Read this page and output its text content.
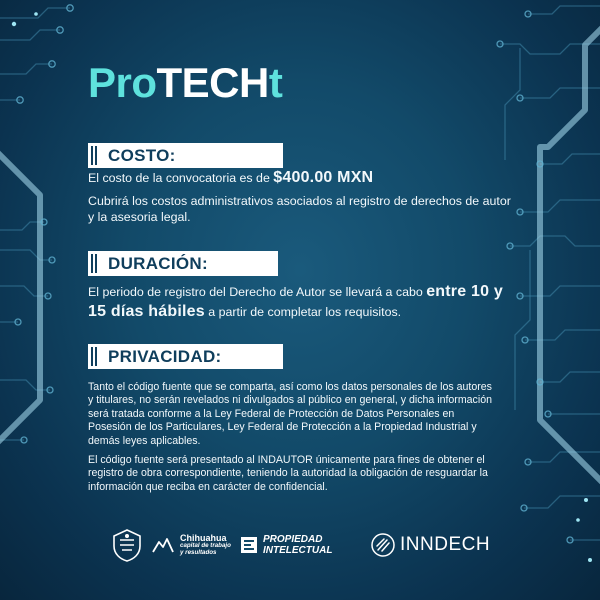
ProTECHt
COSTO:
El costo de la convocatoria es de $400.00 MXN
Cubrirá los costos administrativos asociados al registro de derechos de autor y la asesoria legal.
DURACIÓN:
El periodo de registro del Derecho de Autor se llevará a cabo entre 10 y 15 días hábiles a partir de completar los requisitos.
PRIVACIDAD:
Tanto el código fuente que se comparta, así como los datos personales de los autores y titulares, no serán revelados ni divulgados al público en general, y dicha información será tratada conforme a la Ley Federal de Protección de Datos Personales en Posesión de los Particulares, Ley Federal de Protección a la Propiedad Industrial y demás leyes aplicables.
El código fuente será presentado al INDAUTOR únicamente para fines de obtener el registro de obra correspondiente, teniendo la autoridad la obligación de resguardar la información que reciba en carácter de confidencial.
Chihuahua
capital de trabajo
y resultados
PROPIEDAD
INTELECTUAL	INNDECH
